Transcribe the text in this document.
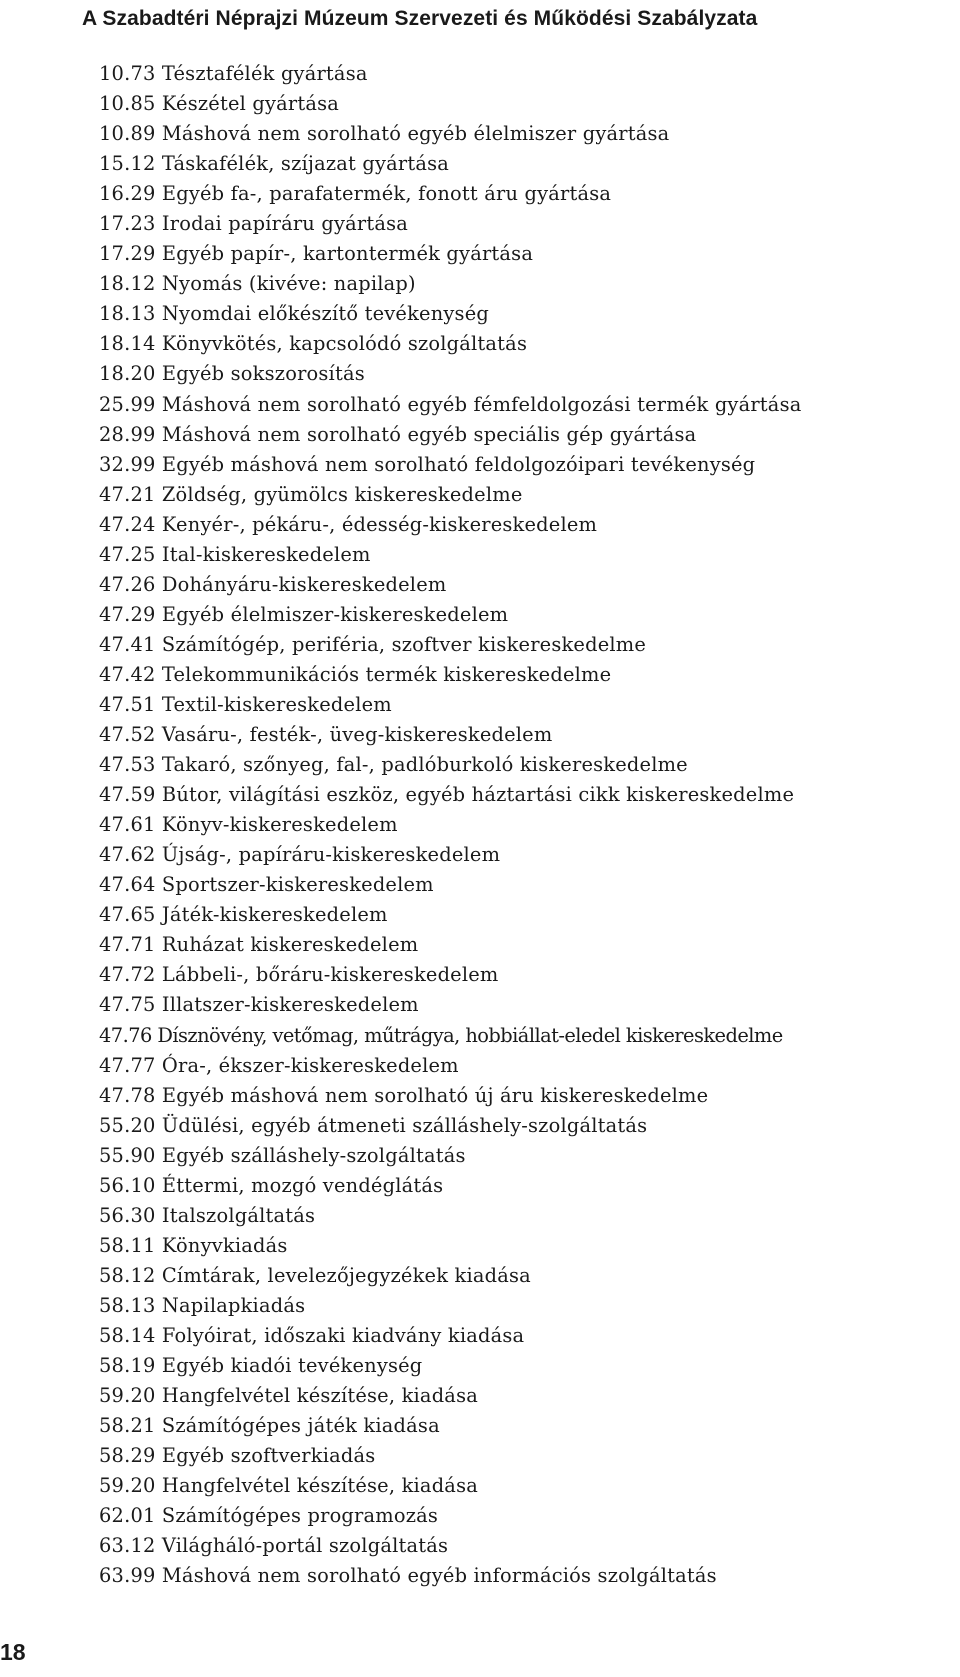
A Szabadtéri Néprajzi Múzeum Szervezeti és Működési Szabályzata
10.73 Tésztafélék gyártása
10.85 Készétel gyártása
10.89 Máshová nem sorolható egyéb élelmiszer gyártása
15.12 Táskafélék, szíjazat gyártása
16.29 Egyéb fa-, parafatermék, fonott áru gyártása
17.23 Irodai papíráru gyártása
17.29 Egyéb papír-, kartontermék gyártása
18.12 Nyomás (kivéve: napilap)
18.13 Nyomdai előkészítő tevékenység
18.14 Könyvkötés, kapcsolódó szolgáltatás
18.20 Egyéb sokszorosítás
25.99 Máshová nem sorolható egyéb fémfeldolgozási termék gyártása
28.99 Máshová nem sorolható egyéb speciális gép gyártása
32.99 Egyéb máshová nem sorolható feldolgozóipari tevékenység
47.21 Zöldség, gyümölcs kiskereskedelme
47.24 Kenyér-, pékáru-, édesség-kiskereskedelem
47.25 Ital-kiskereskedelem
47.26 Dohányáru-kiskereskedelem
47.29 Egyéb élelmiszer-kiskereskedelem
47.41 Számítógép, periféria, szoftver kiskereskedelme
47.42 Telekommunikációs termék kiskereskedelme
47.51 Textil-kiskereskedelem
47.52 Vasáru-, festék-, üveg-kiskereskedelem
47.53 Takaró, szőnyeg, fal-, padlóburkoló kiskereskedelme
47.59 Bútor, világítási eszköz, egyéb háztartási cikk kiskereskedelme
47.61 Könyv-kiskereskedelem
47.62 Újság-, papíráru-kiskereskedelem
47.64 Sportszer-kiskereskedelem
47.65 Játék-kiskereskedelem
47.71 Ruházat kiskereskedelem
47.72 Lábbeli-, bőráru-kiskereskedelem
47.75 Illatszer-kiskereskedelem
47.76 Dísznövény, vetőmag, műtrágya, hobbiállat-eledel kiskereskedelme
47.77 Óra-, ékszer-kiskereskedelem
47.78 Egyéb máshová nem sorolható új áru kiskereskedelme
55.20 Üdülési, egyéb átmeneti szálláshely-szolgáltatás
55.90 Egyéb szálláshely-szolgáltatás
56.10 Éttermi, mozgó vendéglátás
56.30 Italszolgáltatás
58.11 Könyvkiadás
58.12 Címtárak, levelezőjegyzékek kiadása
58.13 Napilapkiadás
58.14 Folyóirat, időszaki kiadvány kiadása
58.19 Egyéb kiadói tevékenység
59.20 Hangfelvétel készítése, kiadása
58.21 Számítógépes játék kiadása
58.29 Egyéb szoftverkiadás
59.20 Hangfelvétel készítése, kiadása
62.01 Számítógépes programozás
63.12 Világháló-portál szolgáltatás
63.99 Máshová nem sorolható egyéb információs szolgáltatás
18
